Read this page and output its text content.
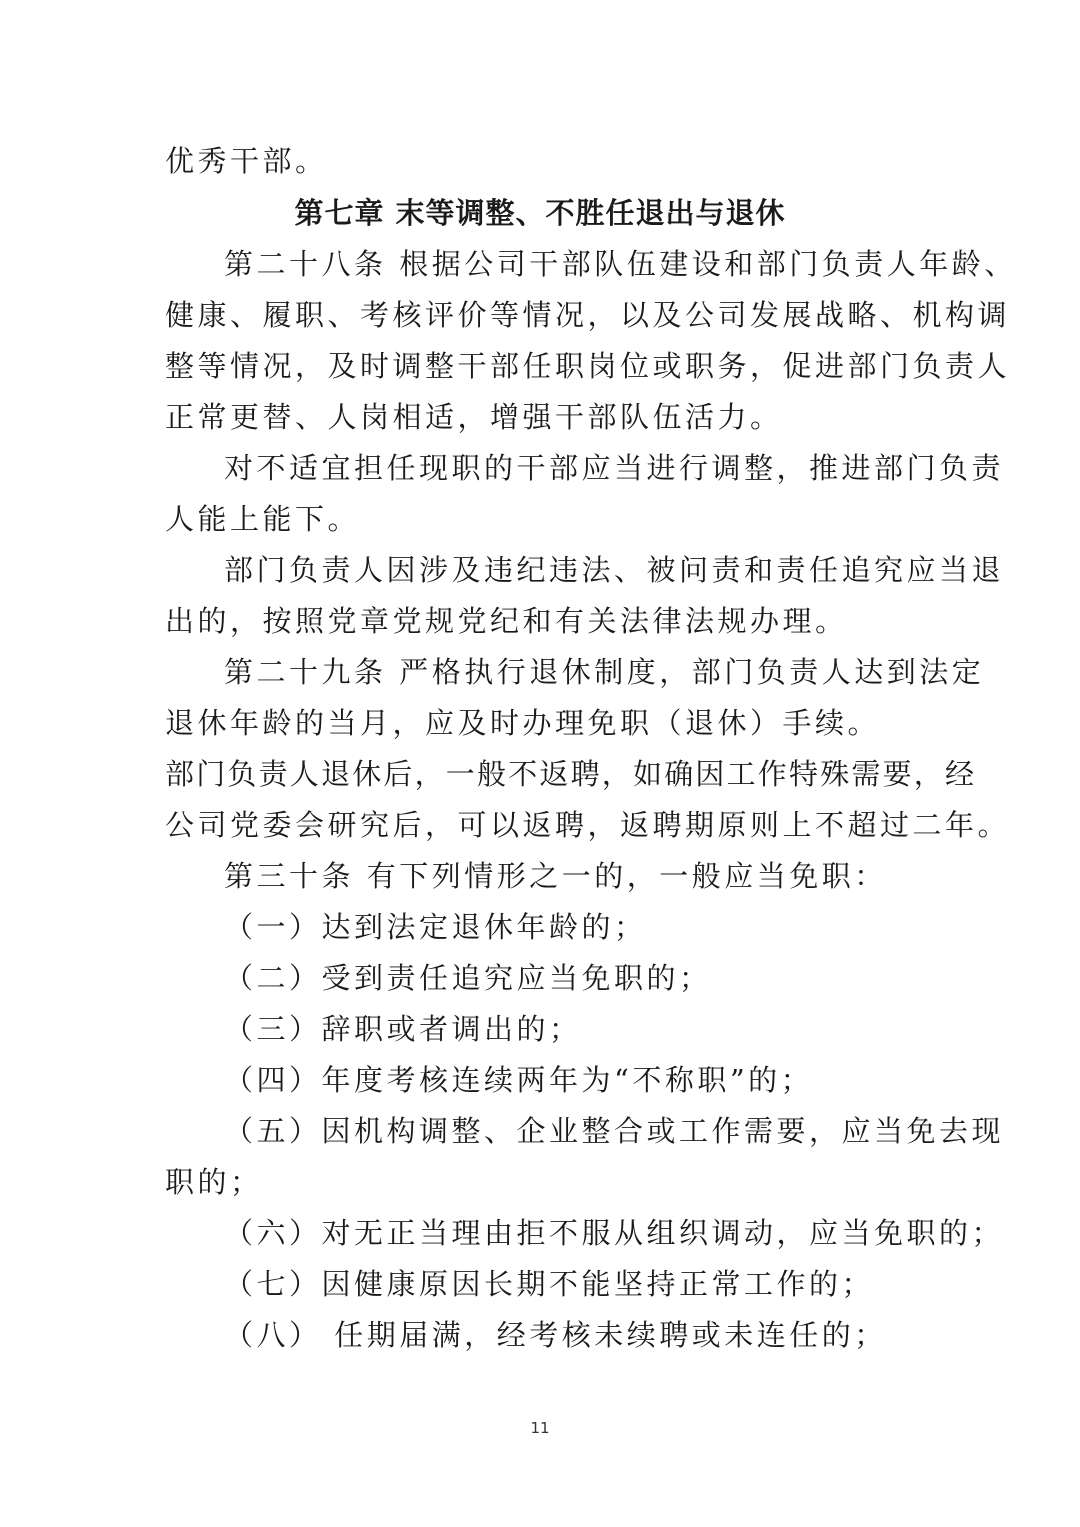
优秀干部。
第七章 末等调整、不胜任退出与退休
第二十八条 根据公司干部队伍建设和部门负责人年龄、
健康、履职、考核评价等情况，以及公司发展战略、机构调
整等情况，及时调整干部任职岗位或职务，促进部门负责人
正常更替、人岗相适，增强干部队伍活力。
对不适宜担任现职的干部应当进行调整，推进部门负责
人能上能下。
部门负责人因涉及违纪违法、被问责和责任追究应当退
出的，按照党章党规党纪和有关法律法规办理。
第二十九条 严格执行退休制度，部门负责人达到法定
退休年龄的当月，应及时办理免职（退休）手续。
部门负责人退休后，一般不返聘，如确因工作特殊需要，经
公司党委会研究后，可以返聘，返聘期原则上不超过二年。
第三十条 有下列情形之一的，一般应当免职：
（一）达到法定退休年龄的；
（二）受到责任追究应当免职的；
（三）辞职或者调出的；
（四）年度考核连续两年为“不称职”的；
（五）因机构调整、企业整合或工作需要，应当免去现
职的；
（六）对无正当理由拒不服从组织调动，应当免职的；
（七）因健康原因长期不能坚持正常工作的；
（八） 任期届满，经考核未续聘或未连任的；
11
